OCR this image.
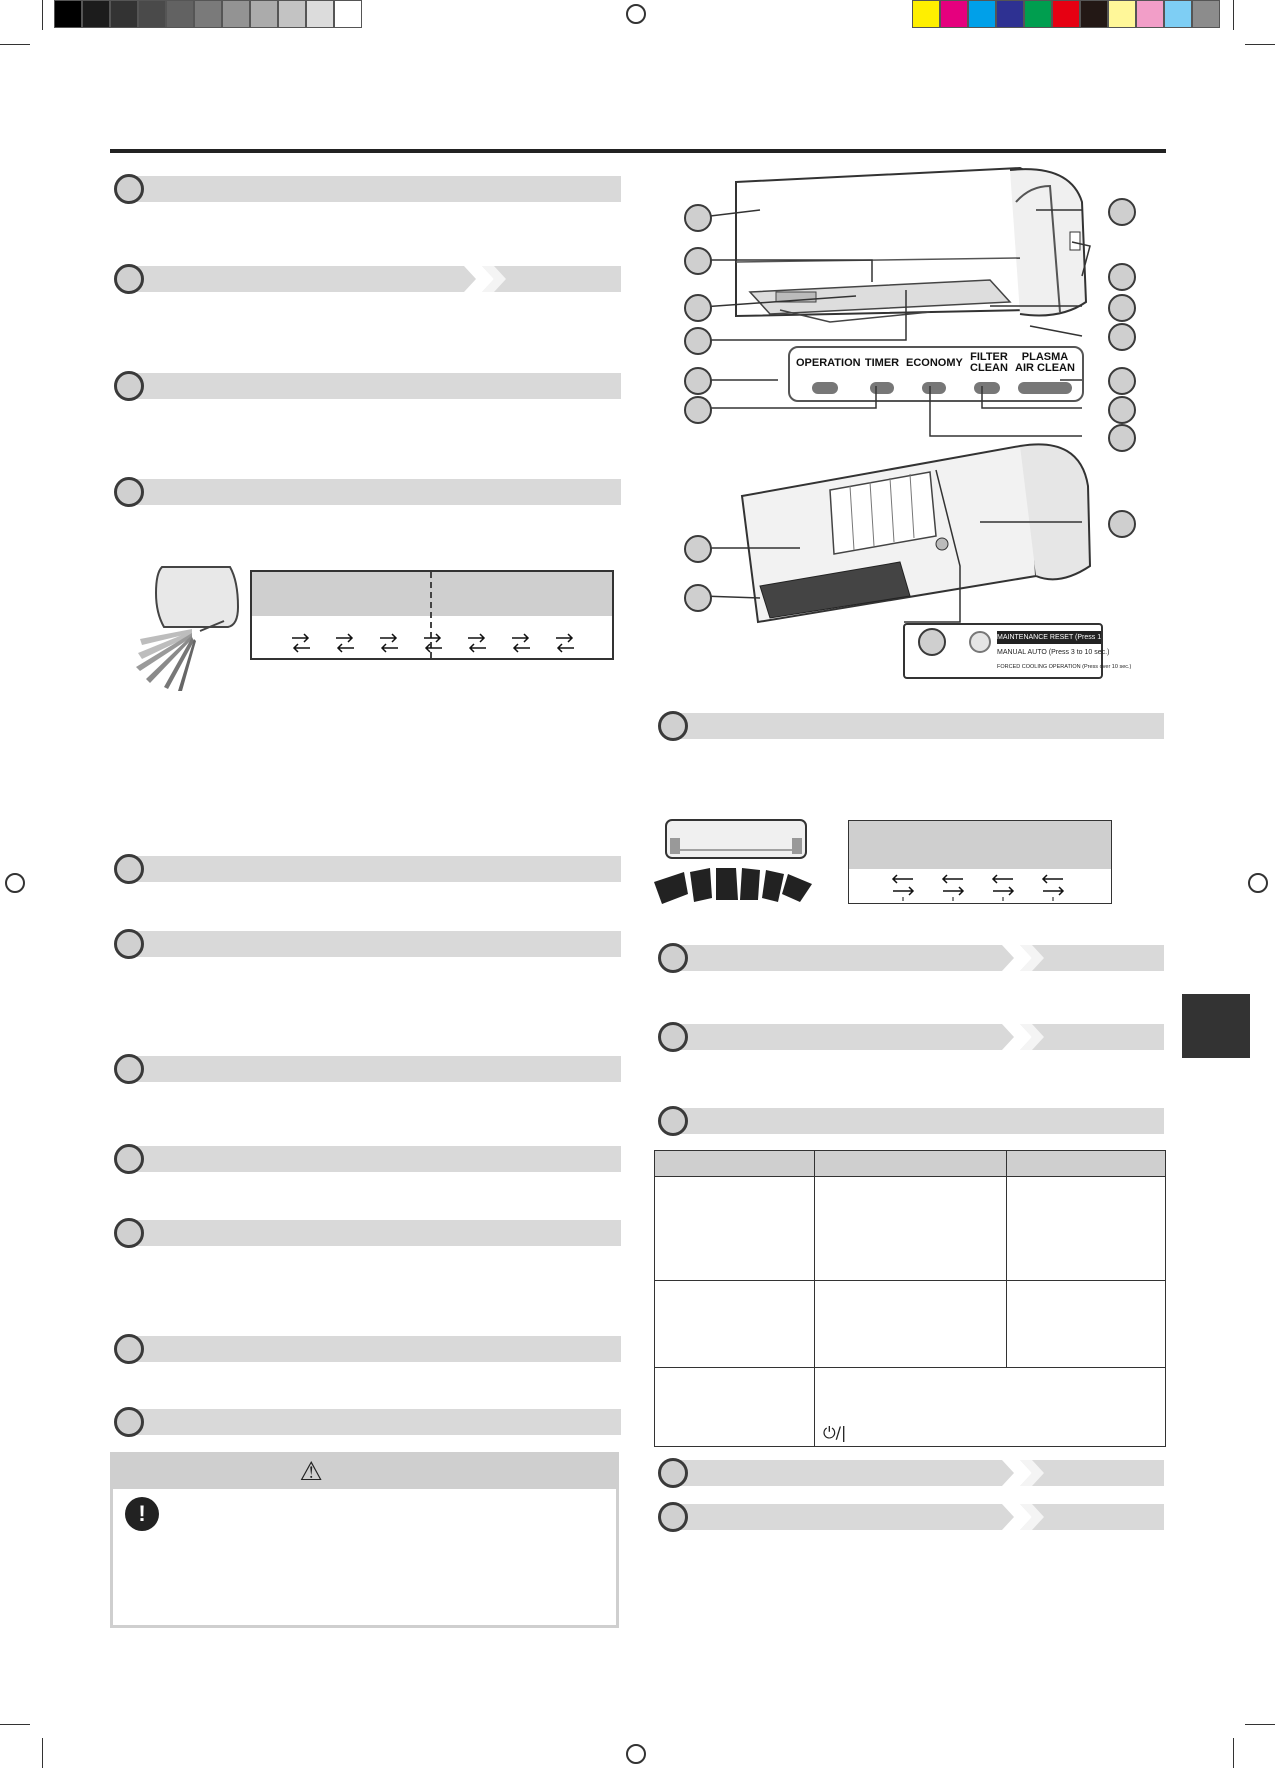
⚠
!
OPERATION TIMER ECONOMY FILTER CLEAN
PLASMA AIR CLEAN
MAINTENANCE RESET (Press 1 sec.)
MANUAL AUTO (Press 3 to 10 sec.)
FORCED COOLING OPERATION (Press over 10 sec.)
⏻/|
